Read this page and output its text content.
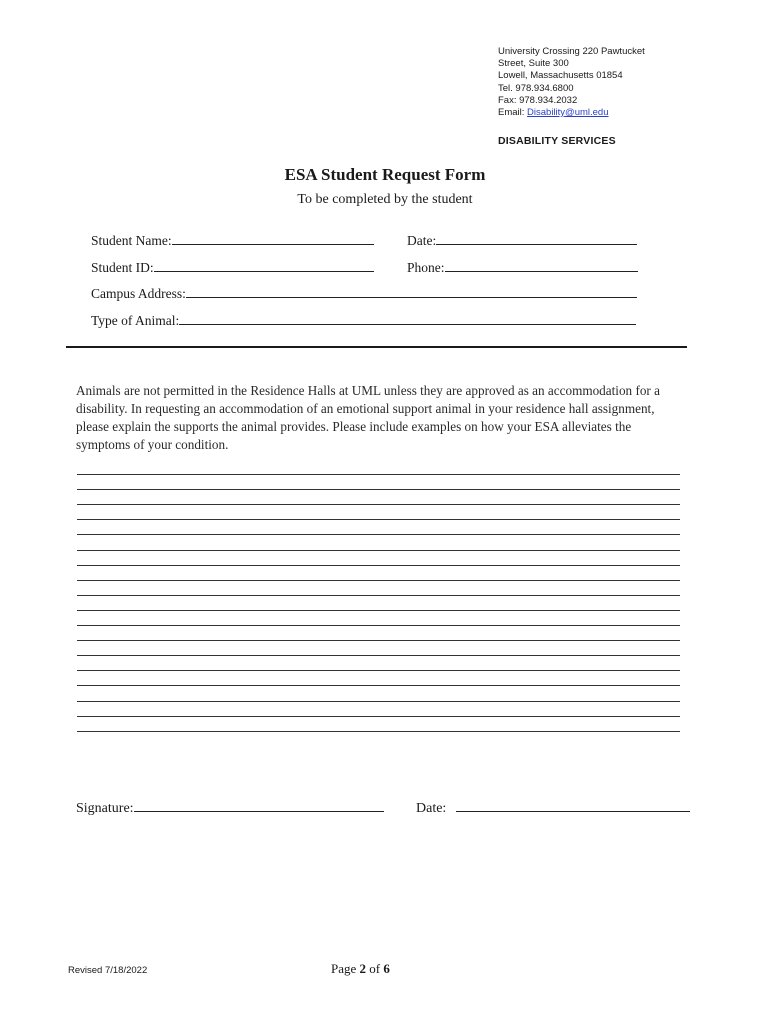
University Crossing 220 Pawtucket
Street, Suite 300
Lowell, Massachusetts 01854
Tel. 978.934.6800
Fax: 978.934.2032
Email: Disability@uml.edu
DISABILITY SERVICES
ESA Student Request Form
To be completed by the student
Student Name:	Date:
Student ID:	Phone:
Campus Address:
Type of Animal:
Animals are not permitted in the Residence Halls at UML unless they are approved as an accommodation for a disability. In requesting an accommodation of an emotional support animal in your residence hall assignment, please explain the supports the animal provides. Please include examples on how your ESA alleviates the symptoms of your condition.
Signature:	Date:
Revised 7/18/2022	Page 2 of 6
